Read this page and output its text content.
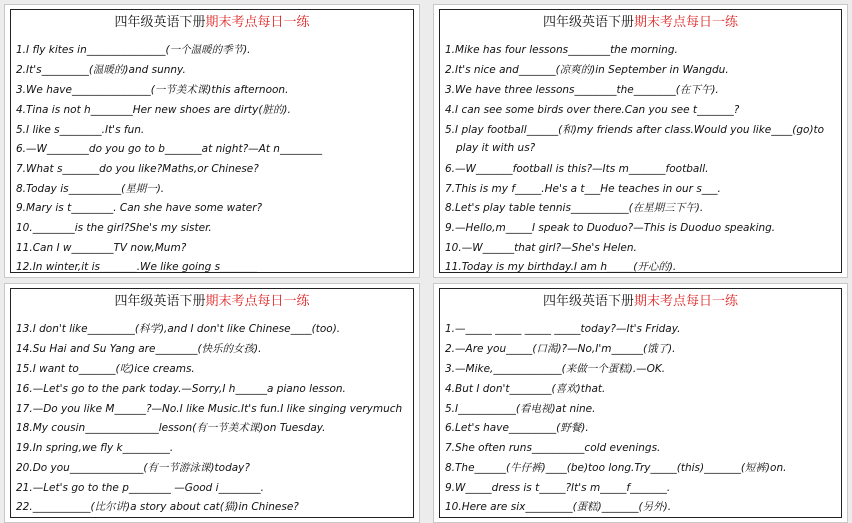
四年级英语下册期末考点每日一练
1.I fly kites in_______________(一个温暖的季节).
2.It's_________(温暖的)and sunny.
3.We have_______________(一节美术课)this afternoon.
4.Tina is not h________Her new shoes are dirty(脏的).
5.I like s________.It's fun.
6.—W________do you go to b_______at night?—At n________
7.What s_______do you like?Maths,or Chinese?
8.Today is__________(星期一).
9.Mary is t________. Can she have some water?
10.________is the girl?She's my sister.
11.Can I w________TV now,Mum?
12.In winter,it is_______.We like going s_______
四年级英语下册期末考点每日一练
1.Mike has four lessons________the morning.
2.It's nice and_______(凉爽的)in September in Wangdu.
3.We have three lessons________the________(在下午).
4.I can see some birds over there.Can you see t_______?
5.I play football______(和)my friends after class.Would you like____(go)to
play it with us?
6.—W_______football is this?—Its m_______football.
7.This is my f_____.He's a t___He teaches in our s___.
8.Let's play table tennis___________(在星期三下午).
9.—Hello,m_____I speak to Duoduo?—This is Duoduo speaking.
10.—W______that girl?—She's Helen.
11.Today is my birthday.I am h_____(开心的).
四年级英语下册期末考点每日一练
13.I don't like_________(科学),and I don't like Chinese____(too).
14.Su Hai and Su Yang are________(快乐的女孩).
15.I want to_______(吃)ice creams.
16.—Let's go to the park today.—Sorry,I h______a piano lesson.
17.—Do you like M______?—No.I like Music.It's fun.I like singing verymuch
18.My cousin______________lesson(有一节美术课)on Tuesday.
19.In spring,we fly k_________.
20.Do you______________(有一节游泳课)today?
21.—Let's go to the p________ —Good i________.
22.___________(比尔讲)a story about cat(猫)in Chinese?
四年级英语下册期末考点每日一练
1.—_____ _____ _____ _____today?—It's Friday.
2.—Are you_____(口渴)?—No,I'm______(饿了).
3.—Mike,_____________(来做一个蛋糕).—OK.
4.But I don't________(喜欢)that.
5.I___________(看电视)at nine.
6.Let's have_________(野餐).
7.She often runs__________cold evenings.
8.The______(牛仔裤)____(be)too long.Try_____(this)_______(短裤)on.
9.W_____dress is t_____?It's m_____f_______.
10.Here are six_________(蛋糕)_______(另外).
